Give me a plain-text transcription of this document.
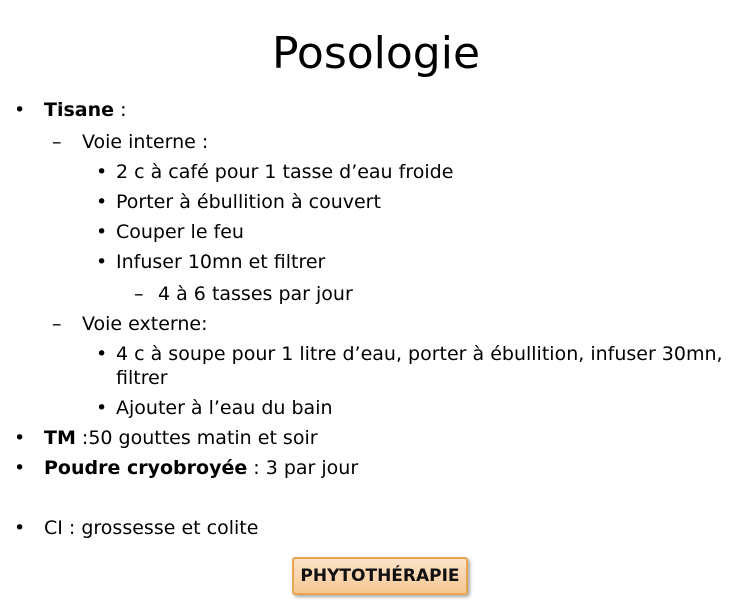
Posologie
• Tisane :
– Voie interne :
• 2 c à café pour 1 tasse d’eau froide
• Porter à ébullition à couvert
• Couper le feu
• Infuser 10mn et filtrer
– 4 à 6 tasses par jour
– Voie externe:
• 4 c à soupe pour 1 litre d’eau, porter à ébullition, infuser 30mn,
filtrer
• Ajouter à l’eau du bain
• TM :50 gouttes matin et soir
• Poudre cryobroyée : 3 par jour
• CI : grossesse et colite
PHYTOTHÉRAPIE
